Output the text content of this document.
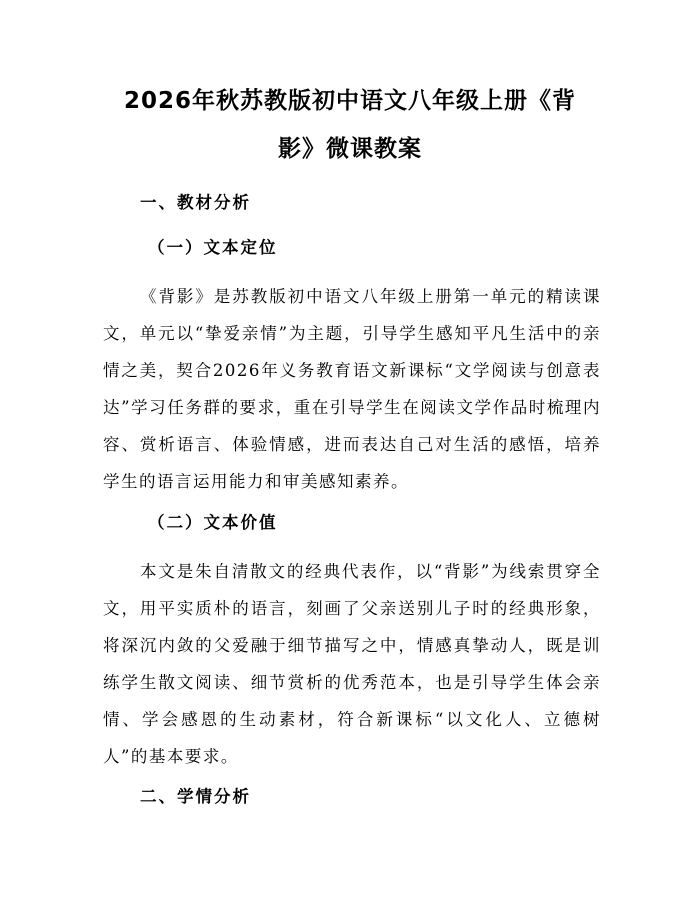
2026年秋苏教版初中语文八年级上册《背
影》微课教案
一、教材分析
（一）文本定位

《背影》是苏教版初中语文八年级上册第一单元的精读课文，单元以“挚爱亲情”为主题，引导学生感知平凡生活中的亲情之美，契合2026年义务教育语文新课标“文学阅读与创意表达”学习任务群的要求，重在引导学生在阅读文学作品时梳理内容、赏析语言、体验情感，进而表达自己对生活的感悟，培养学生的语言运用能力和审美感知素养。

（二）文本价值

本文是朱自清散文的经典代表作，以“背影”为线索贯穿全文，用平实质朴的语言，刻画了父亲送别儿子时的经典形象，将深沉内敛的父爱融于细节描写之中，情感真挚动人，既是训练学生散文阅读、细节赏析的优秀范本，也是引导学生体会亲情、学会感恩的生动素材，符合新课标“以文化人、立德树人”的基本要求。

二、学情分析
